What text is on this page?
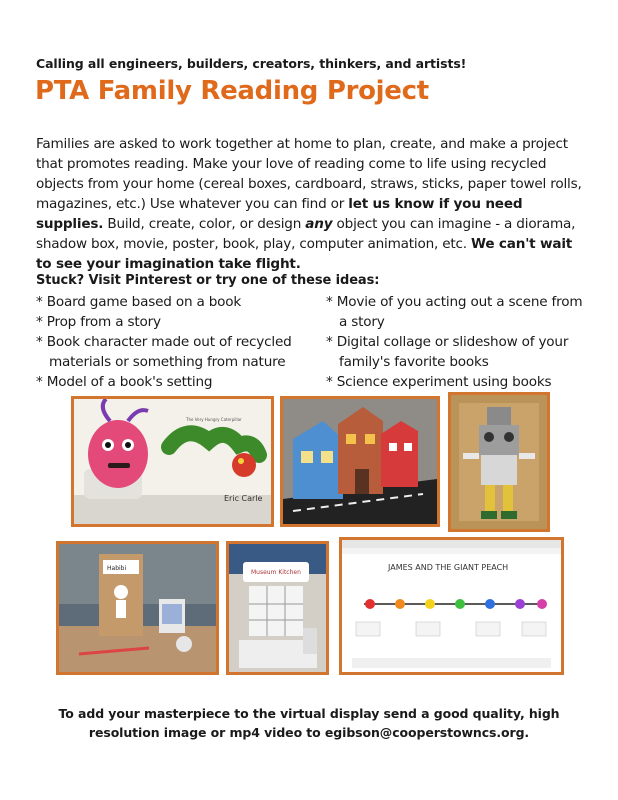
Calling all engineers, builders, creators, thinkers, and artists!
PTA Family Reading Project
Families are asked to work together at home to plan, create, and make a project that promotes reading. Make your love of reading come to life using recycled objects from your home (cereal boxes, cardboard, straws, sticks, paper towel rolls, magazines, etc.) Use whatever you can find or let us know if you need supplies. Build, create, color, or design any object you can imagine - a diorama, shadow box, movie, poster, book, play, computer animation, etc. We can't wait to see your imagination take flight.
Stuck? Visit Pinterest or try one of these ideas:
* Board game based on a book
* Prop from a story
* Book character made out of recycled materials or something from nature
* Model of a book's setting
* Movie of you acting out a scene from a story
* Digital collage or slideshow of your family's favorite books
* Science experiment using books
Eric Carle
The Very Hungry Caterpillar
Habibi
Museum Kitchen
JAMES AND THE GIANT PEACH
To add your masterpiece to the virtual display send a good quality, high
resolution image or mp4 video to egibson@cooperstowncs.org.
